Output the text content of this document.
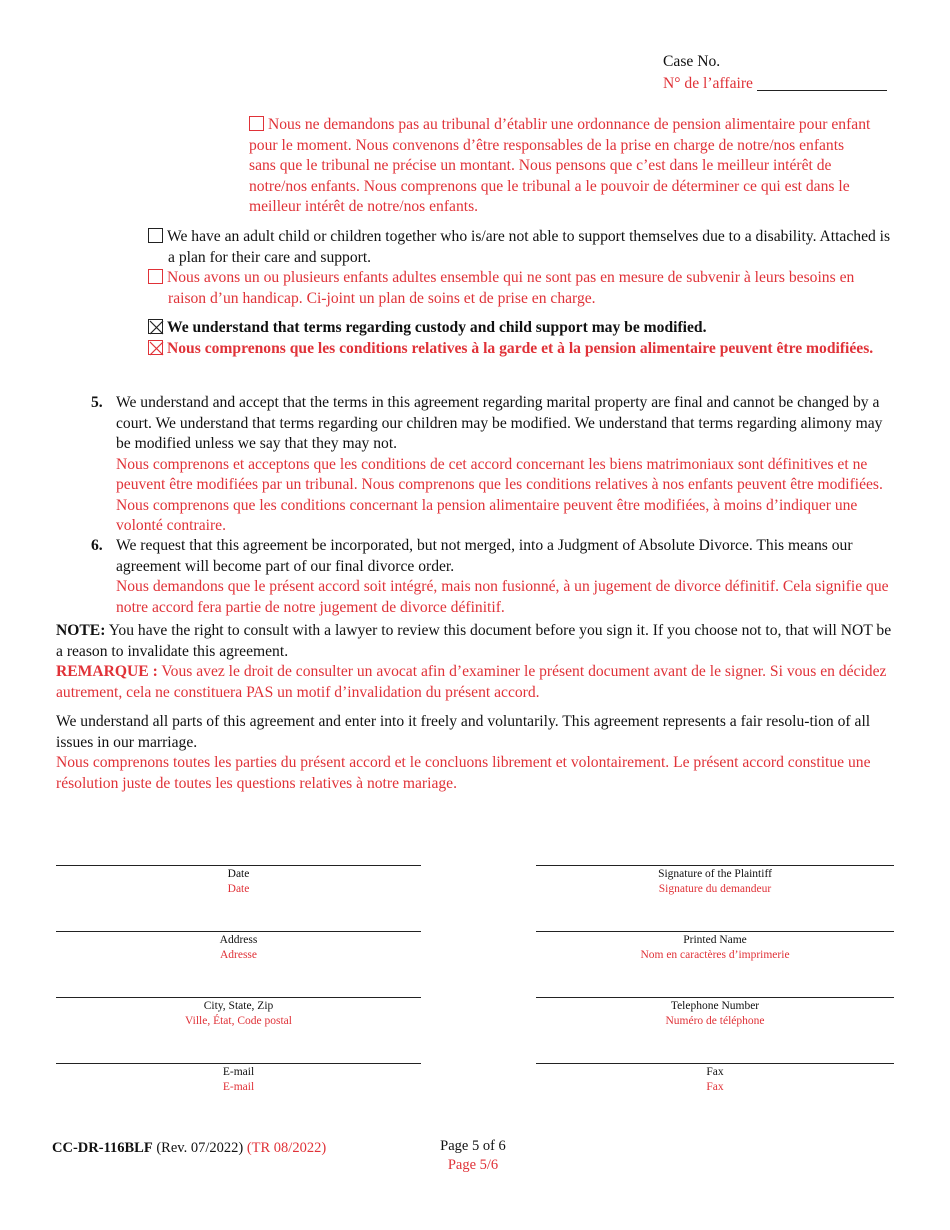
Case No.
N° de l’affaire
Nous ne demandons pas au tribunal d’établir une ordonnance de pension alimentaire pour enfant pour le moment. Nous convenons d’être responsables de la prise en charge de notre/nos enfants sans que le tribunal ne précise un montant. Nous pensons que c’est dans le meilleur intérêt de notre/nos enfants. Nous comprenons que le tribunal a le pouvoir de déterminer ce qui est dans le meilleur intérêt de notre/nos enfants.
We have an adult child or children together who is/are not able to support themselves due to a disability. Attached is a plan for their care and support.
Nous avons un ou plusieurs enfants adultes ensemble qui ne sont pas en mesure de subvenir à leurs besoins en raison d’un handicap. Ci-joint un plan de soins et de prise en charge.
We understand that terms regarding custody and child support may be modified.
Nous comprenons que les conditions relatives à la garde et à la pension alimentaire peuvent être modifiées.
5. We understand and accept that the terms in this agreement regarding marital property are final and cannot be changed by a court. We understand that terms regarding our children may be modified. We understand that terms regarding alimony may be modified unless we say that they may not.
Nous comprenons et acceptons que les conditions de cet accord concernant les biens matrimoniaux sont définitives et ne peuvent être modifiées par un tribunal. Nous comprenons que les conditions relatives à nos enfants peuvent être modifiées. Nous comprenons que les conditions concernant la pension alimentaire peuvent être modifiées, à moins d’indiquer une volonté contraire.
6. We request that this agreement be incorporated, but not merged, into a Judgment of Absolute Divorce. This means our agreement will become part of our final divorce order.
Nous demandons que le présent accord soit intégré, mais non fusionné, à un jugement de divorce définitif. Cela signifie que notre accord fera partie de notre jugement de divorce définitif.
NOTE: You have the right to consult with a lawyer to review this document before you sign it. If you choose not to, that will NOT be a reason to invalidate this agreement.
REMARQUE : Vous avez le droit de consulter un avocat afin d’examiner le présent document avant de le signer. Si vous en décidez autrement, cela ne constituera PAS un motif d’invalidation du présent accord.
We understand all parts of this agreement and enter into it freely and voluntarily. This agreement represents a fair resolu-tion of all issues in our marriage.
Nous comprenons toutes les parties du présent accord et le concluons librement et volontairement. Le présent accord constitue une résolution juste de toutes les questions relatives à notre mariage.
Date
Date
Address
Adresse
City, State, Zip
Ville, État, Code postal
E-mail
E-mail
Signature of the Plaintiff
Signature du demandeur
Printed Name
Nom en caractères d’imprimerie
Telephone Number
Numéro de téléphone
Fax
Fax
CC-DR-116BLF (Rev. 07/2022) (TR 08/2022)	Page 5 of 6
Page 5/6
